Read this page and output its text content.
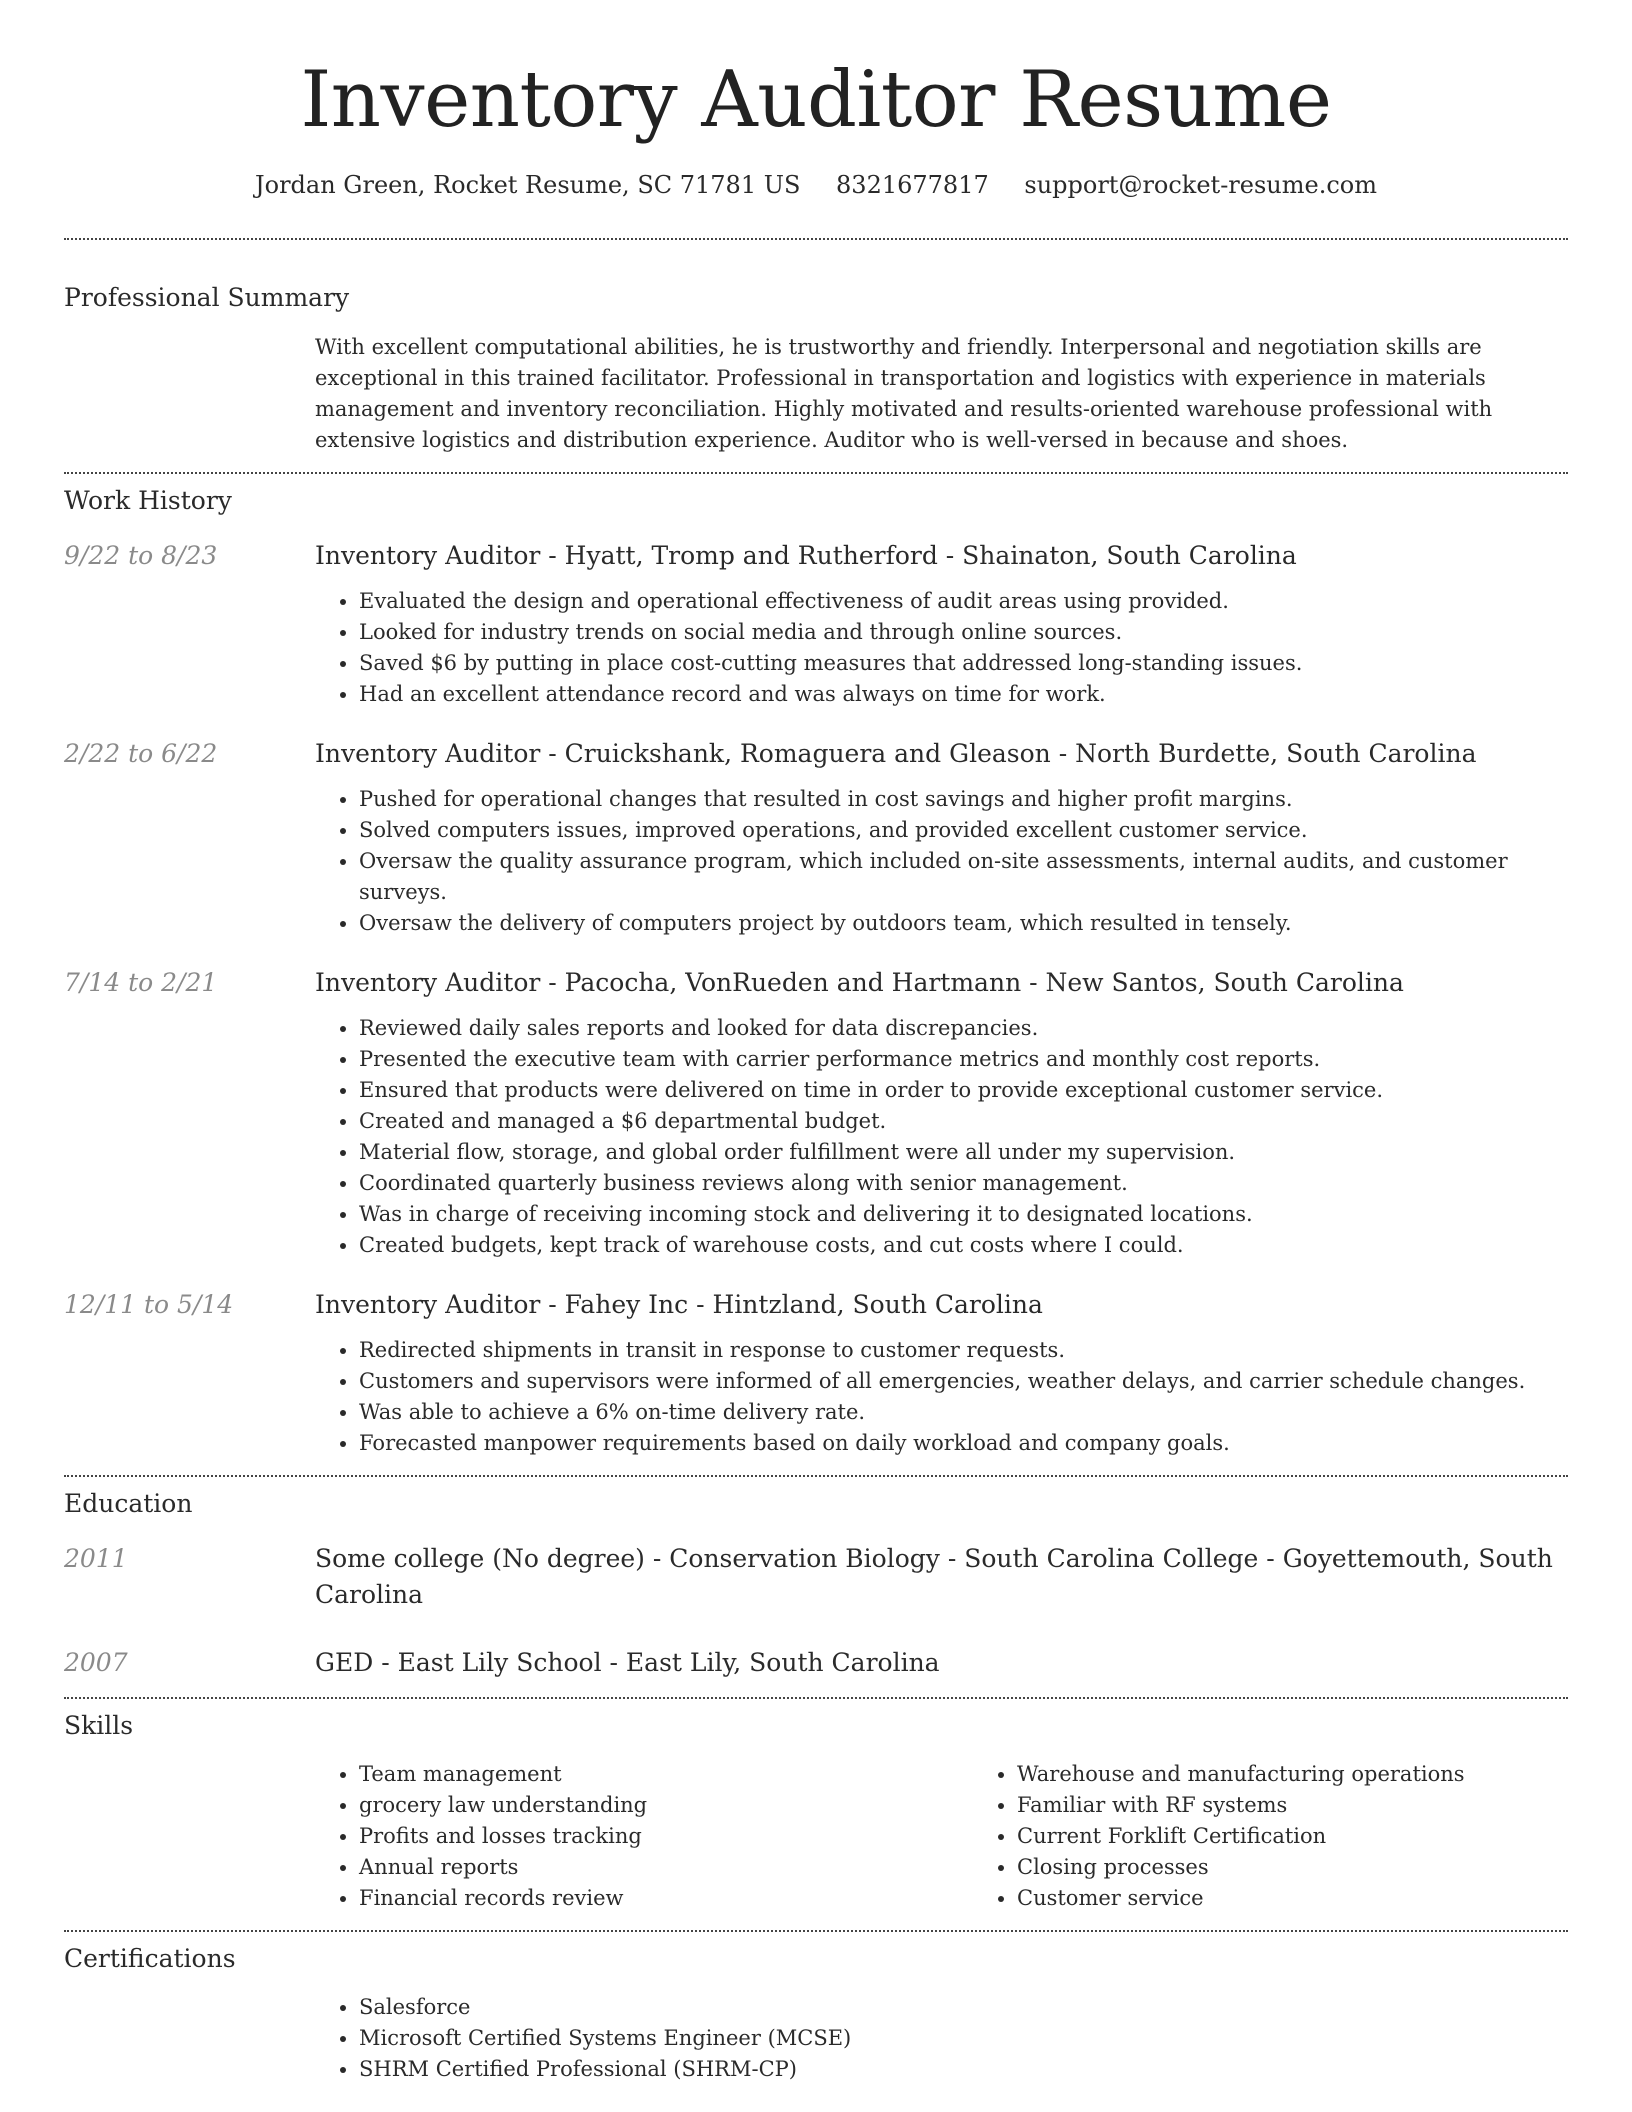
Inventory Auditor Resume
Jordan Green, Rocket Resume, SC 71781 US 8321677817 support@rocket-resume.com
Professional Summary
With excellent computational abilities, he is trustworthy and friendly. Interpersonal and negotiation skills are exceptional in this trained facilitator. Professional in transportation and logistics with experience in materials management and inventory reconciliation. Highly motivated and results-oriented warehouse professional with extensive logistics and distribution experience. Auditor who is well-versed in because and shoes.
Work History
9/22 to 8/23	Inventory Auditor - Hyatt, Tromp and Rutherford - Shainaton, South Carolina
• Evaluated the design and operational effectiveness of audit areas using provided.
• Looked for industry trends on social media and through online sources.
• Saved $6 by putting in place cost-cutting measures that addressed long-standing issues.
• Had an excellent attendance record and was always on time for work.
2/22 to 6/22	Inventory Auditor - Cruickshank, Romaguera and Gleason - North Burdette, South Carolina
• Pushed for operational changes that resulted in cost savings and higher profit margins.
• Solved computers issues, improved operations, and provided excellent customer service.
• Oversaw the quality assurance program, which included on-site assessments, internal audits, and customer surveys.
• Oversaw the delivery of computers project by outdoors team, which resulted in tensely.
7/14 to 2/21	Inventory Auditor - Pacocha, VonRueden and Hartmann - New Santos, South Carolina
• Reviewed daily sales reports and looked for data discrepancies.
• Presented the executive team with carrier performance metrics and monthly cost reports.
• Ensured that products were delivered on time in order to provide exceptional customer service.
• Created and managed a $6 departmental budget.
• Material flow, storage, and global order fulfillment were all under my supervision.
• Coordinated quarterly business reviews along with senior management.
• Was in charge of receiving incoming stock and delivering it to designated locations.
• Created budgets, kept track of warehouse costs, and cut costs where I could.
12/11 to 5/14	Inventory Auditor - Fahey Inc - Hintzland, South Carolina
• Redirected shipments in transit in response to customer requests.
• Customers and supervisors were informed of all emergencies, weather delays, and carrier schedule changes.
• Was able to achieve a 6% on-time delivery rate.
• Forecasted manpower requirements based on daily workload and company goals.
Education
2011	Some college (No degree) - Conservation Biology - South Carolina College - Goyettemouth, South Carolina
2007	GED - East Lily School - East Lily, South Carolina
Skills
• Team management
• grocery law understanding
• Profits and losses tracking
• Annual reports
• Financial records review
• Warehouse and manufacturing operations
• Familiar with RF systems
• Current Forklift Certification
• Closing processes
• Customer service
Certifications
• Salesforce
• Microsoft Certified Systems Engineer (MCSE)
• SHRM Certified Professional (SHRM-CP)
